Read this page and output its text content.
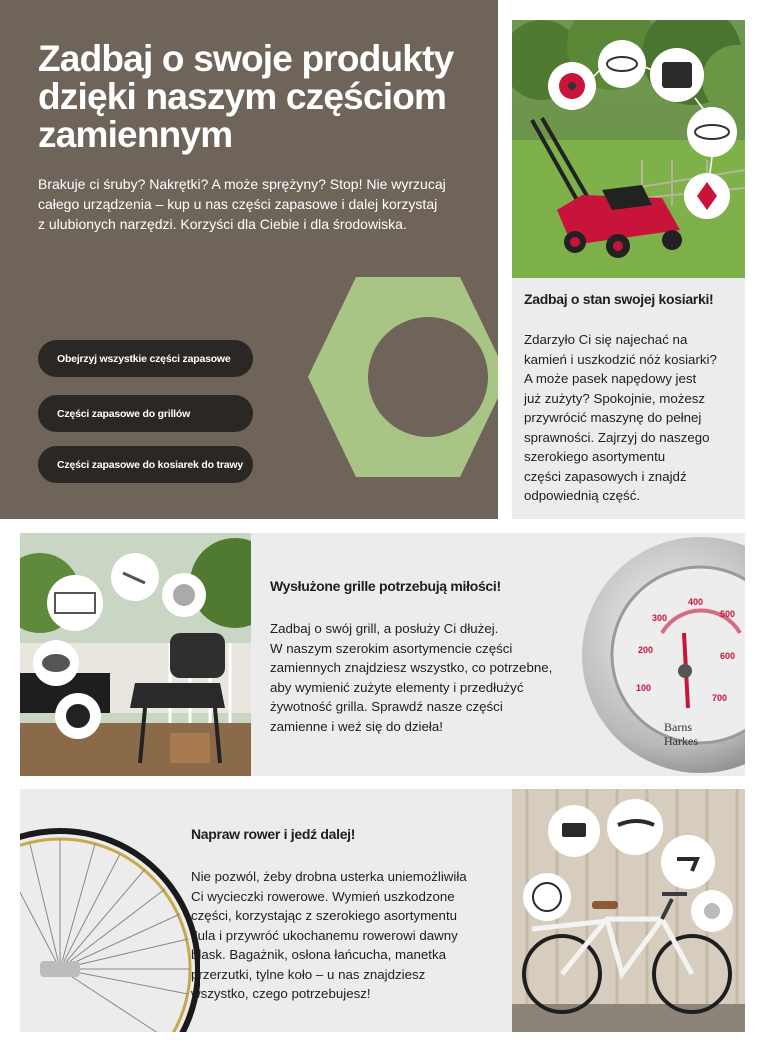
Zadbaj o swoje produkty
dzięki naszym częściom
zamiennym

Brakuje ci śruby? Nakrętki? A może sprężyny? Stop! Nie wyrzucaj
całego urządzenia – kup u nas części zapasowe i dalej korzystaj
z ulubionych narzędzi. Korzyści dla Ciebie i dla środowiska.

Obejrzyj wszystkie części zapasowe
Części zapasowe do grillów
Części zapasowe do kosiarek do trawy
Zadbaj o stan swojej kosiarki!

Zdarzyło Ci się najechać na
kamień i uszkodzić nóż kosiarki?
A może pasek napędowy jest
już zużyty? Spokojnie, możesz
przywrócić maszynę do pełnej
sprawności. Zajrzyj do naszego
szerokiego asortymentu
części zapasowych i znajdź
odpowiednią część.

Wysłużone grille potrzebują miłości!

Zadbaj o swój grill, a posłuży Ci dłużej.
W naszym szerokim asortymencie części
zamiennych znajdziesz wszystko, co potrzebne,
aby wymienić zużyte elementy i przedłużyć
żywotność grilla. Sprawdź nasze części
zamienne i weź się do dzieła!

100
200
300
400
500
600
700
Barns
Harkes
Napraw rower i jedź dalej!

Nie pozwól, żeby drobna usterka uniemożliwiła
Ci wycieczki rowerowe. Wymień uszkodzone
części, korzystając z szerokiego asortymentu
Jula i przywróć ukochanemu rowerowi dawny
blask. Bagażnik, osłona łańcucha, manetka
przerzutki, tylne koło – u nas znajdziesz
wszystko, czego potrzebujesz!
